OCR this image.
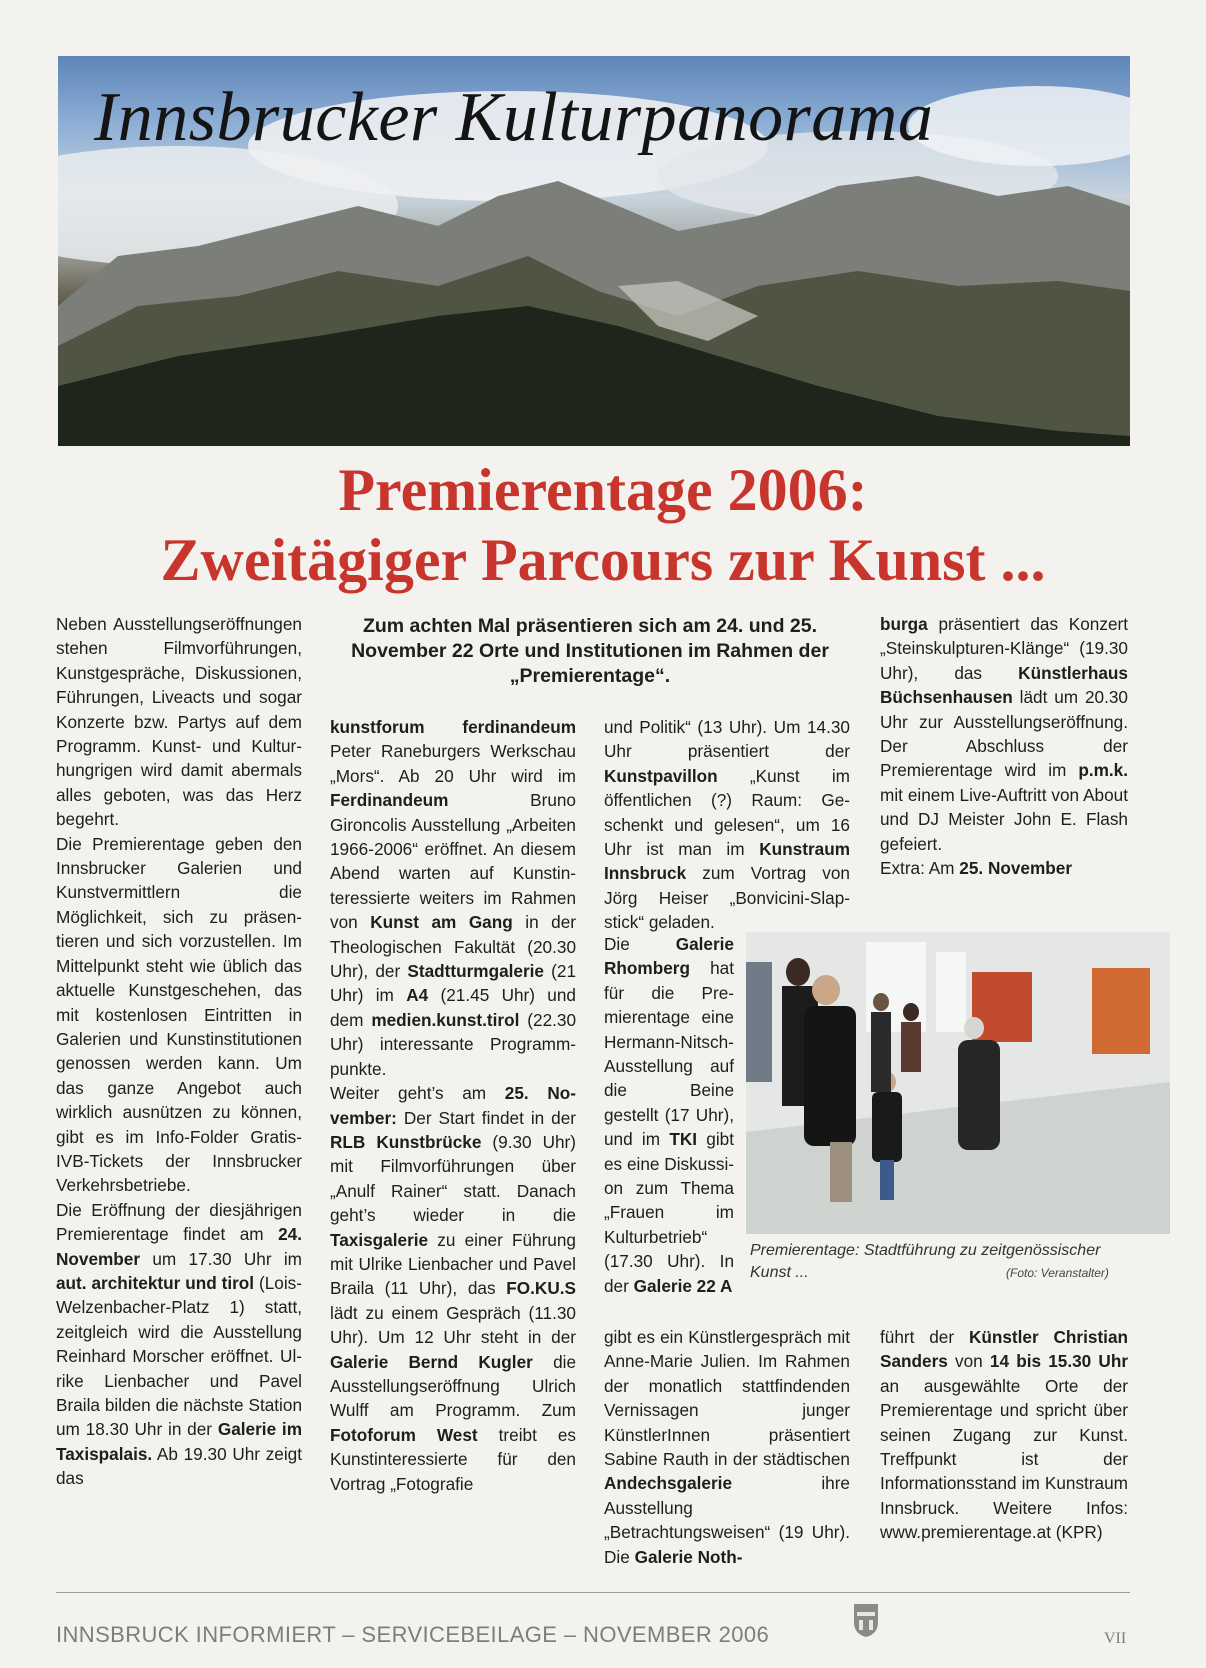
Innsbrucker Kulturpanorama
Premierentage 2006:
Zweitägiger Parcours zur Kunst ...

Neben Ausstellungseröffnungen stehen Filmvorführungen, Kunstgespräche, Diskussionen, Führungen, Liveacts und sogar Konzerte bzw. Partys auf dem Programm. Kunst- und Kulturhungrigen wird damit abermals alles geboten, was das Herz begehrt.

Die Premierentage geben den Innsbrucker Galerien und Kunstvermittlern die Möglichkeit, sich zu präsentieren und sich vorzustellen. Im Mittelpunkt steht wie üblich das aktuelle Kunstgeschehen, das mit kostenlosen Eintritten in Galerien und Kunstinstitutionen genossen werden kann. Um das ganze Angebot auch wirklich ausnützen zu können, gibt es im Info-Folder Gratis-IVB-Tickets der Innsbrucker Verkehrsbetriebe.

Die Eröffnung der diesjährigen Premierentage findet am 24. November um 17.30 Uhr im aut. architektur und tirol (Lois-Welzenbacher-Platz 1) statt, zeitgleich wird die Ausstellung Reinhard Morscher eröffnet. Ulrike Lienbacher und Pavel Braila bilden die nächste Station um 18.30 Uhr in der Galerie im Taxispalais. Ab 19.30 Uhr zeigt das

Zum achten Mal präsentieren sich am 24. und 25. November 22 Orte und Institutionen im Rahmen der „Premierentage“.

kunstforum ferdinandeum Peter Raneburgers Werkschau „Mors“. Ab 20 Uhr wird im Ferdinandeum	Bruno Gironcolis Ausstellung „Arbeiten 1966-2006“ eröffnet. An diesem Abend warten auf Kunstinteressierte weiters im Rahmen von Kunst am Gang in der Theologischen Fakultät (20.30 Uhr), der Stadtturmgalerie (21 Uhr) im A4 (21.45 Uhr) und dem medien.kunst.tirol (22.30 Uhr) interessante Programmpunkte.

Weiter geht’s am 25. November: Der Start findet in der RLB Kunstbrücke (9.30 Uhr) mit Filmvorführungen über „Anulf Rainer“ statt. Danach geht’s wieder in die Taxisgalerie zu einer Führung mit Ulrike Lienbacher und Pavel Braila (11 Uhr), das FO.KU.S lädt zu einem Gespräch (11.30 Uhr). Um 12 Uhr steht in der Galerie Bernd Kugler die Ausstellungseröffnung Ulrich Wulff am Programm. Zum Fotoforum West treibt es Kunstinteressierte für den Vortrag „Fotografie

und Politik“ (13 Uhr). Um 14.30 Uhr präsentiert der Kunstpavillon „Kunst im öffentlichen (?) Raum: Geschenkt und gelesen“, um 16 Uhr ist man im Kunstraum Innsbruck zum Vortrag von Jörg Heiser „Bonvicini-Slapstick“ geladen.

Die	Galerie Rhomberg hat für die Premierentage eine Hermann-Nitsch-Ausstellung auf die Beine gestellt (17 Uhr), und im TKI gibt es eine Diskussion zum Thema „Frauen im Kulturbetrieb“ (17.30 Uhr). In der Galerie 22 A

burga präsentiert das Konzert „Steinskulpturen-Klänge“ (19.30 Uhr), das Künstlerhaus Büchsenhausen lädt um 20.30 Uhr zur Ausstellungseröffnung. Der Abschluss der Premierentage wird im p.m.k. mit einem Live-Auftritt von About und DJ Meister John E. Flash gefeiert.

Extra: Am 25. November

Premierentage: Stadtführung zu zeitgenössischer Kunst ...	(Foto: Veranstalter)

gibt es ein Künstlergespräch mit Anne-Marie Julien. Im Rahmen der monatlich stattfindenden Vernissagen junger KünstlerInnen präsentiert Sabine Rauth in der städtischen Andechsgalerie	ihre Ausstellung „Betrachtungsweisen“ (19 Uhr). Die Galerie Noth-

führt der Künstler Christian Sanders von 14 bis 15.30 Uhr an ausgewählte Orte der Premierentage und spricht über seinen Zugang zur Kunst. Treffpunkt ist der Informationsstand im Kunstraum Innsbruck. Weitere Infos: www.premierentage.at (KPR)

INNSBRUCK INFORMIERT – SERVICEBEILAGE – NOVEMBER 2006	VII
